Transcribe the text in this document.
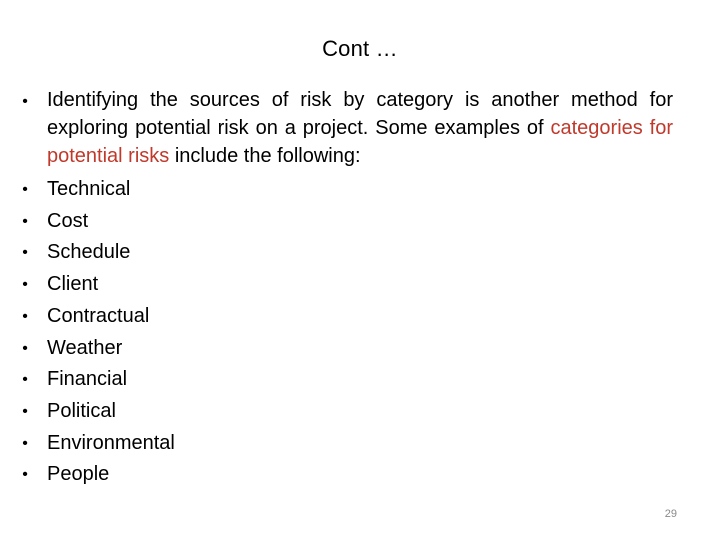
Cont …
• Identifying the sources of risk by category is another method for exploring potential risk on a project. Some examples of categories for potential risks include the following:
• Technical
• Cost
• Schedule
• Client
• Contractual
• Weather
• Financial
• Political
• Environmental
• People
29
